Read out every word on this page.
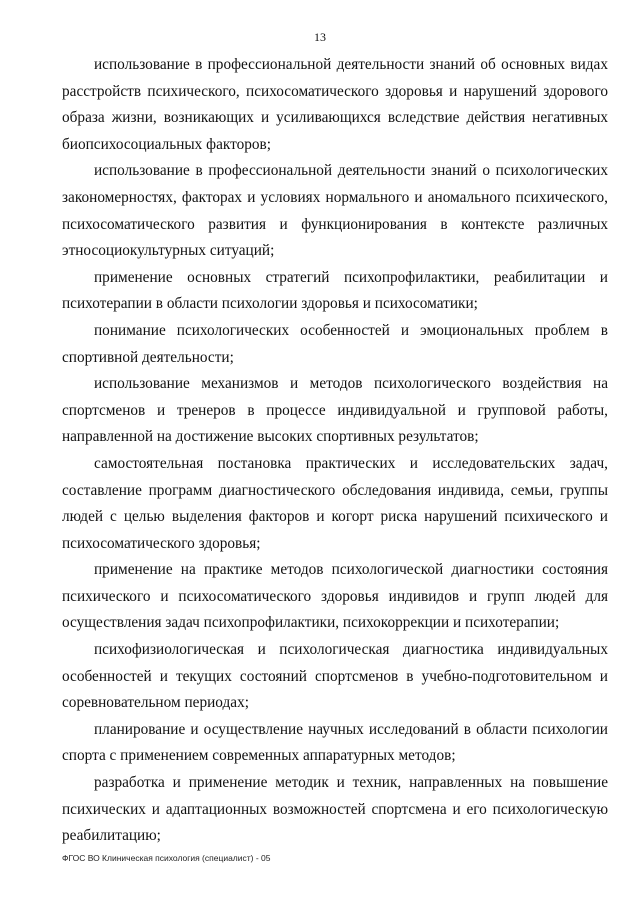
13

использование в профессиональной деятельности знаний об основных видах расстройств психического, психосоматического здоровья и нарушений здорового образа жизни, возникающих и усиливающихся вследствие действия негативных биопсихосоциальных факторов;

использование в профессиональной деятельности знаний о психологических закономерностях, факторах и условиях нормального и аномального психического, психосоматического развития и функционирования в контексте различных этносоциокультурных ситуаций;

применение основных стратегий психопрофилактики, реабилитации и психотерапии в области психологии здоровья и психосоматики;

понимание психологических особенностей и эмоциональных проблем в спортивной деятельности;

использование механизмов и методов психологического воздействия на спортсменов и тренеров в процессе индивидуальной и групповой работы, направленной на достижение высоких спортивных результатов;

самостоятельная постановка практических и исследовательских задач, составление программ диагностического обследования индивида, семьи, группы людей с целью выделения факторов и когорт риска нарушений психического и психосоматического здоровья;

применение на практике методов психологической диагностики состояния психического и психосоматического здоровья индивидов и групп людей для осуществления задач психопрофилактики, психокоррекции и психотерапии;

психофизиологическая и психологическая диагностика индивидуальных особенностей и текущих состояний спортсменов в учебно-подготовительном и соревновательном периодах;

планирование и осуществление научных исследований в области психологии спорта с применением современных аппаратурных методов;

разработка и применение методик и техник, направленных на повышение психических и адаптационных возможностей спортсмена и его психологическую реабилитацию;

ФГОС ВО Клиническая психология (специалист) - 05
